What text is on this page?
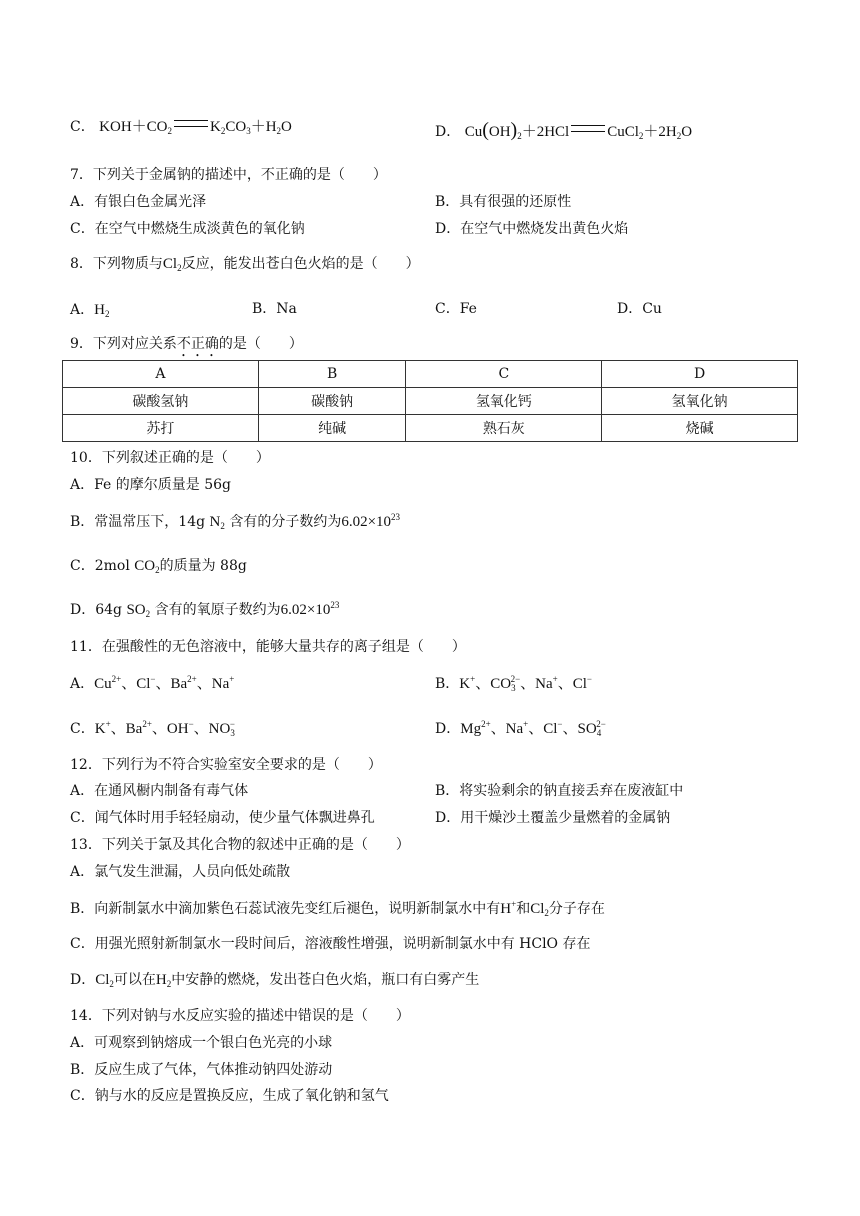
C． $KOH+CO_2$	$K_2CO_3+H_2O$	D． $Cu(OH)_2+2HCl$	$CuCl_2+2H_2O$
7．下列关于金属钠的描述中，不正确的是（　　）
A．有银白色金属光泽	B．具有很强的还原性
C．在空气中燃烧生成淡黄色的氧化钠	D．在空气中燃烧发出黄色火焰
8．下列物质与$Cl_2$反应，能发出苍白色火焰的是（　　）
A．$H_2$	B．Na	C．Fe	D．Cu
9．下列对应关系不正确的是（　　）
A	B	C	D
碳酸氢钠	碳酸钠	氢氧化钙	氢氧化钠
苏打	纯碱	熟石灰	烧碱
10．下列叙述正确的是（　　）
A．Fe 的摩尔质量是 56g
B．常温常压下，14g $N_2$ 含有的分子数约为$6.02\times 10^{23}$
C．2mol $CO_2$的质量为 88g
D．64g $SO_2$ 含有的氧原子数约为$6.02\times 10^{23}$
11．在强酸性的无色溶液中，能够大量共存的离子组是（　　）
A．$Cu^{2+}$、Cl−、$Ba^{2+}$、Na+	B．K+、$CO_3^{2-}$、Na+、Cl−
C．K+、$Ba^{2+}$、OH−、$NO_3^-$	D．$Mg^{2+}$、Na+、Cl−、$SO_4^{2-}$
12．下列行为不符合实验室安全要求的是（　　）
A．在通风橱内制备有毒气体	B．将实验剩余的钠直接丢弃在废液缸中
C．闻气体时用手轻轻扇动，使少量气体飘进鼻孔	D．用干燥沙土覆盖少量燃着的金属钠
13．下列关于氯及其化合物的叙述中正确的是（　　）
A．氯气发生泄漏，人员向低处疏散
B．向新制氯水中滴加紫色石蕊试液先变红后褪色，说明新制氯水中有H+和$Cl_2$分子存在
C．用强光照射新制氯水一段时间后，溶液酸性增强，说明新制氯水中有 HClO 存在
D．$Cl_2$可以在$H_2$中安静的燃烧，发出苍白色火焰，瓶口有白雾产生
14．下列对钠与水反应实验的描述中错误的是（　　）
A．可观察到钠熔成一个银白色光亮的小球
B．反应生成了气体，气体推动钠四处游动
C．钠与水的反应是置换反应，生成了氧化钠和氢气
